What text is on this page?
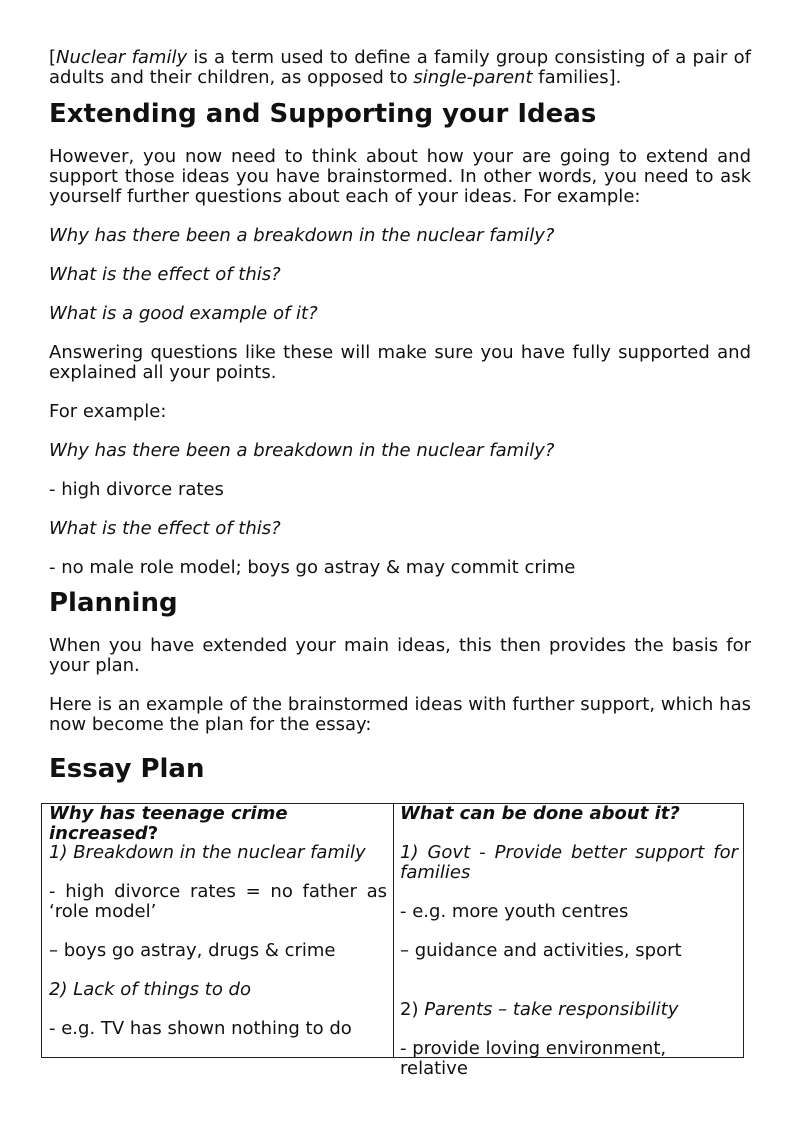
[Nuclear family is a term used to define a family group consisting of a pair of adults and their children, as opposed to single-parent families].

Extending and Supporting your Ideas

However, you now need to think about how your are going to extend and support those ideas you have brainstormed. In other words, you need to ask yourself further questions about each of your ideas. For example:

Why has there been a breakdown in the nuclear family?

What is the effect of this?

What is a good example of it?

Answering questions like these will make sure you have fully supported and explained all your points.

For example:

Why has there been a breakdown in the nuclear family?

- high divorce rates

What is the effect of this?

- no male role model; boys go astray & may commit crime

Planning

When you have extended your main ideas, this then provides the basis for your plan.

Here is an example of the brainstormed ideas with further support, which has now become the plan for the essay:

Essay Plan
Why has teenage crime increased?
1) Breakdown in the nuclear family
- high divorce rates = no father as ‘role model’
– boys go astray, drugs & crime
2) Lack of things to do
- e.g. TV has shown nothing to do
What can be done about it?
1) Govt - Provide better support for families
- e.g. more youth centres
– guidance and activities, sport
2) Parents – take responsibility
- provide loving environment, relative
